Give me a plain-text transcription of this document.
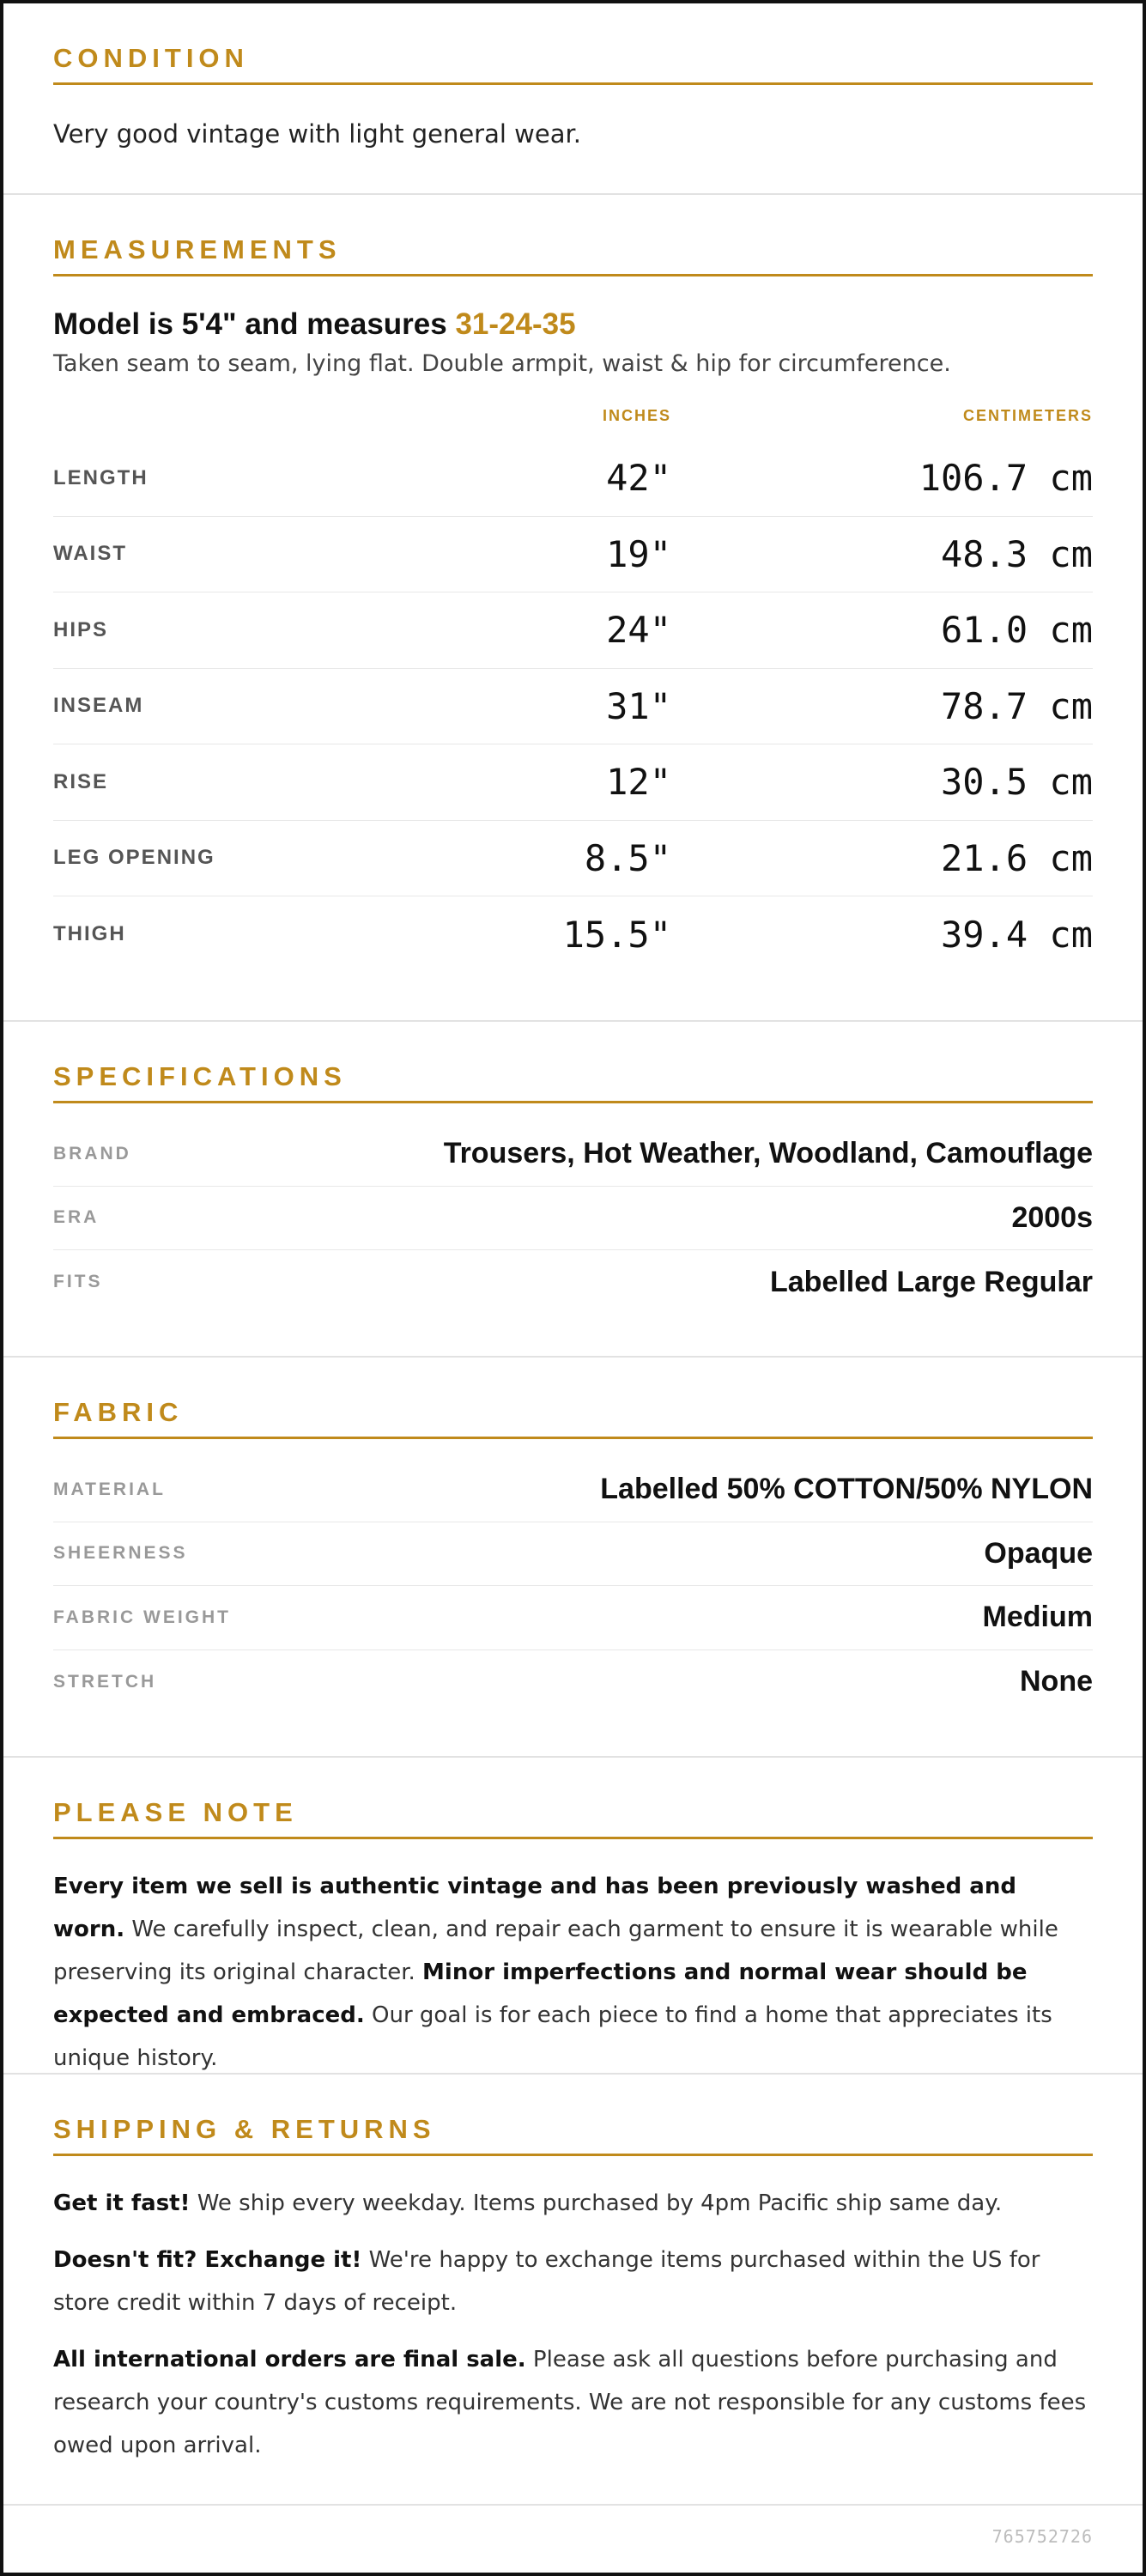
CONDITION
Very good vintage with light general wear.
MEASUREMENTS
Model is 5'4" and measures 31-24-35
Taken seam to seam, lying flat. Double armpit, waist & hip for circumference.
INCHES	CENTIMETERS
LENGTH	42"	106.7 cm
WAIST	19"	48.3 cm
HIPS	24"	61.0 cm
INSEAM	31"	78.7 cm
RISE	12"	30.5 cm
LEG OPENING	8.5"	21.6 cm
THIGH	15.5"	39.4 cm
SPECIFICATIONS
BRAND	Trousers, Hot Weather, Woodland, Camouflage
ERA	2000s
FITS	Labelled Large Regular
FABRIC
MATERIAL	Labelled 50% COTTON/50% NYLON
SHEERNESS	Opaque
FABRIC WEIGHT	Medium
STRETCH	None
PLEASE NOTE

Every item we sell is authentic vintage and has been previously washed and worn. We carefully inspect, clean, and repair each garment to ensure it is wearable while preserving its original character. Minor imperfections and normal wear should be expected and embraced. Our goal is for each piece to find a home that appreciates its unique history.

SHIPPING & RETURNS

Get it fast! We ship every weekday. Items purchased by 4pm Pacific ship same day.

Doesn't fit? Exchange it! We're happy to exchange items purchased within the US for store credit within 7 days of receipt.

All international orders are final sale. Please ask all questions before purchasing and research your country's customs requirements. We are not responsible for any customs fees owed upon arrival.

765752726
